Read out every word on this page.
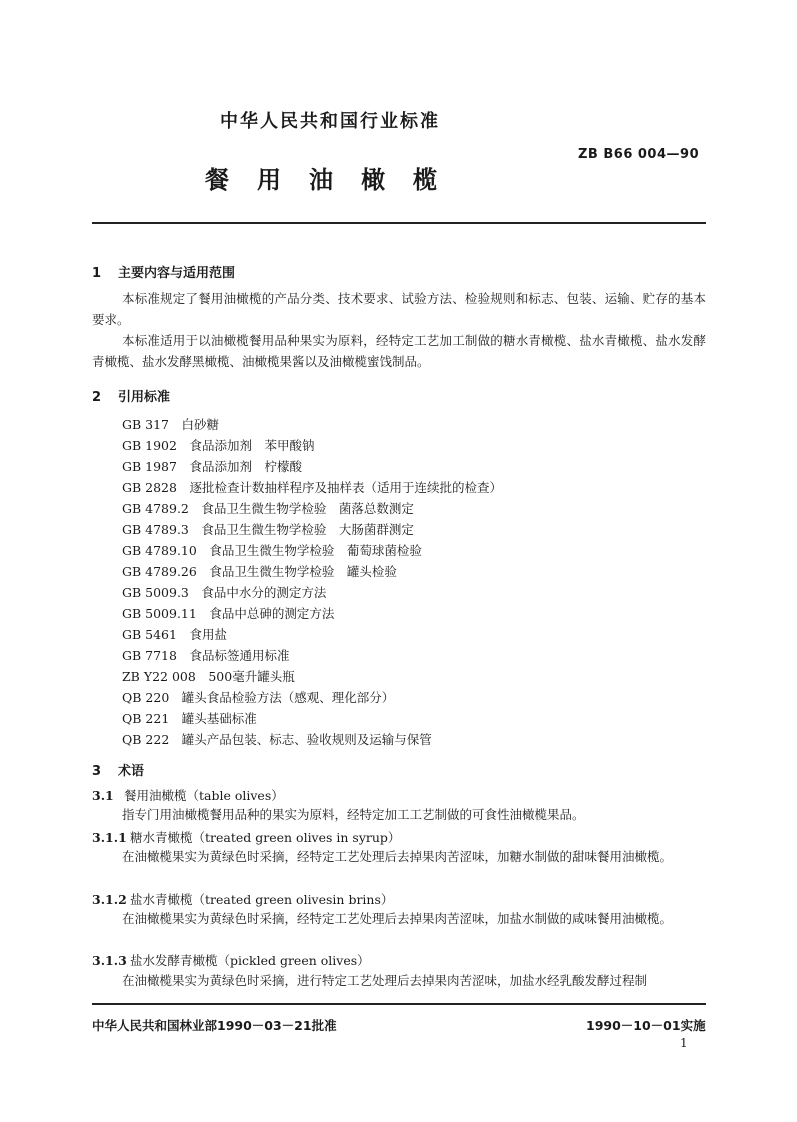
中华人民共和国行业标准
ZB B66 004—90
餐用油橄榄
1 主要内容与适用范围
本标准规定了餐用油橄榄的产品分类、技术要求、试验方法、检验规则和标志、包装、运输、贮存的基本要求。
本标准适用于以油橄榄餐用品种果实为原料，经特定工艺加工制做的糖水青橄榄、盐水青橄榄、盐水发酵青橄榄、盐水发酵黑橄榄、油橄榄果酱以及油橄榄蜜饯制品。
2 引用标准
GB 317　 白砂糖
GB 1902　 食品添加剂　苯甲酸钠
GB 1987　 食品添加剂　柠檬酸
GB 2828　 逐批检查计数抽样程序及抽样表（适用于连续批的检查）
GB 4789.2　 食品卫生微生物学检验　菌落总数测定
GB 4789.3　 食品卫生微生物学检验　大肠菌群测定
GB 4789.10　 食品卫生微生物学检验　葡萄球菌检验
GB 4789.26　 食品卫生微生物学检验　罐头检验
GB 5009.3　 食品中水分的测定方法
GB 5009.11　 食品中总砷的测定方法
GB 5461　 食用盐
GB 7718　 食品标签通用标准
ZB Y22 008　 500毫升罐头瓶
QB 220　 罐头食品检验方法（感观、理化部分）
QB 221　 罐头基础标准
QB 222　 罐头产品包装、标志、验收规则及运输与保管
3 术语
3.1 餐用油橄榄（table olives）
指专门用油橄榄餐用品种的果实为原料，经特定加工工艺制做的可食性油橄榄果品。
3.1.1 糖水青橄榄（treated green olives in syrup）
在油橄榄果实为黄绿色时采摘，经特定工艺处理后去掉果肉苦涩味，加糖水制做的甜味餐用油橄榄。
3.1.2 盐水青橄榄（treated green olivesin brins）
在油橄榄果实为黄绿色时采摘，经特定工艺处理后去掉果肉苦涩味，加盐水制做的咸味餐用油橄榄。
3.1.3 盐水发酵青橄榄（pickled green olives）
在油橄榄果实为黄绿色时采摘，进行特定工艺处理后去掉果肉苦涩味，加盐水经乳酸发酵过程制
中华人民共和国林业部1990－03－21批准	1990－10－01实施
1
